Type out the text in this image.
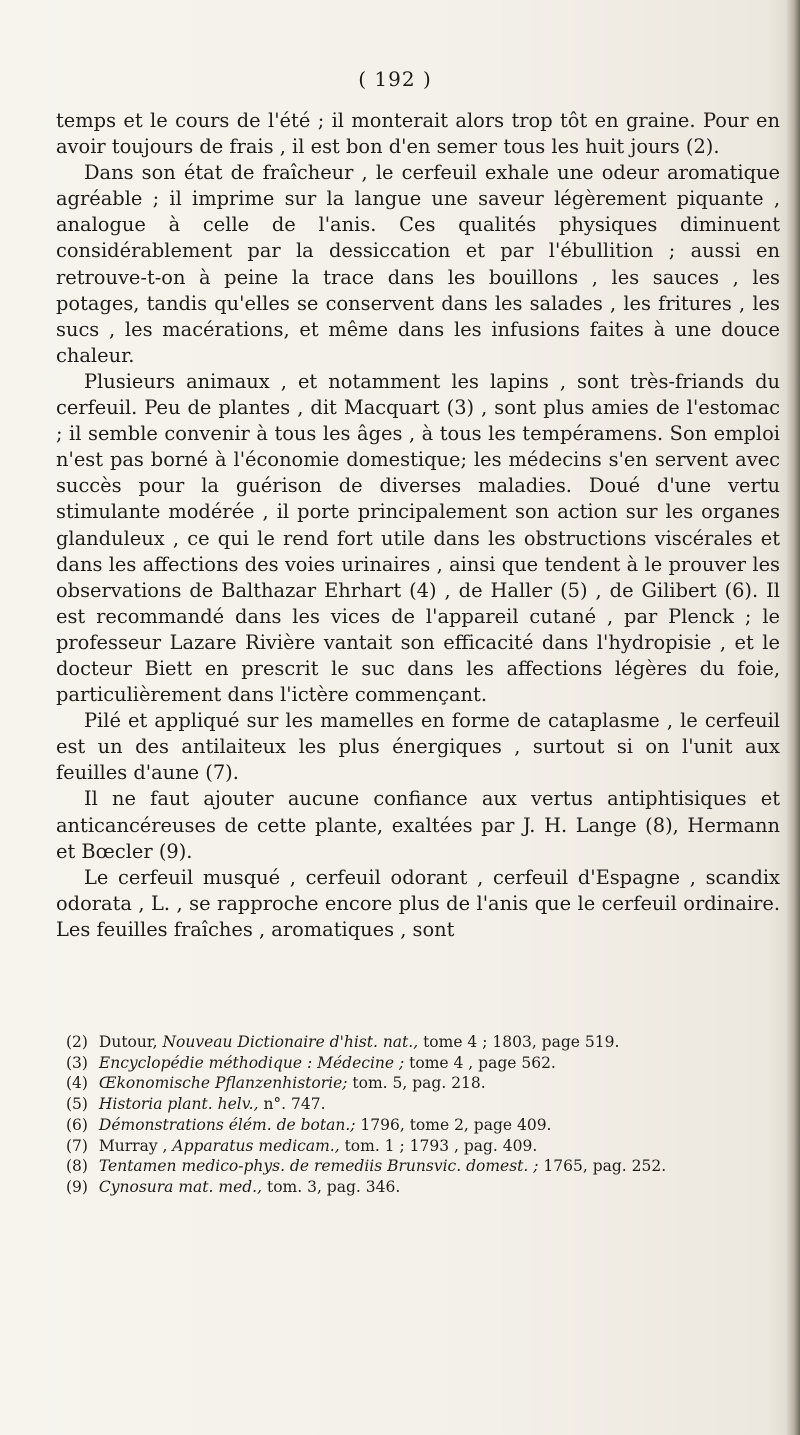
( 192 )

temps et le cours de l'été ; il monterait alors trop tôt en graine. Pour en avoir toujours de frais , il est bon d'en semer tous les huit jours (2).

Dans son état de fraîcheur , le cerfeuil exhale une odeur aromatique agréable ; il imprime sur la langue une saveur légèrement piquante , analogue à celle de l'anis. Ces qualités physiques diminuent considérablement par la dessiccation et par l'ébullition ; aussi en retrouve-t-on à peine la trace dans les bouillons , les sauces , les potages, tandis qu'elles se conservent dans les salades , les fritures , les sucs , les macérations, et même dans les infusions faites à une douce chaleur.

Plusieurs animaux , et notamment les lapins , sont très-friands du cerfeuil. Peu de plantes , dit Macquart (3) , sont plus amies de l'estomac ; il semble convenir à tous les âges , à tous les tempéramens. Son emploi n'est pas borné à l'économie domestique; les médecins s'en servent avec succès pour la guérison de diverses maladies. Doué d'une vertu stimulante modérée , il porte principalement son action sur les organes glanduleux , ce qui le rend fort utile dans les obstructions viscérales et dans les affections des voies urinaires , ainsi que tendent à le prouver les observations de Balthazar Ehrhart (4) , de Haller (5) , de Gilibert (6). Il est recommandé dans les vices de l'appareil cutané , par Plenck ; le professeur Lazare Rivière vantait son efficacité dans l'hydropisie , et le docteur Biett en prescrit le suc dans les affections légères du foie, particulièrement dans l'ictère commençant.

Pilé et appliqué sur les mamelles en forme de cataplasme , le cerfeuil est un des antilaiteux les plus énergiques , surtout si on l'unit aux feuilles d'aune (7).

Il ne faut ajouter aucune confiance aux vertus antiphtisiques et anticancéreuses de cette plante, exaltées par J. H. Lange (8), Hermann et Bœcler (9).

Le cerfeuil musqué , cerfeuil odorant , cerfeuil d'Espagne , scandix odorata , L. , se rapproche encore plus de l'anis que le cerfeuil ordinaire. Les feuilles fraîches , aromatiques , sont

(2) Dutour, Nouveau Dictionaire d'hist. nat., tome 4 ; 1803, page 519.

(3) Encyclopédie méthodique : Médecine ; tome 4 , page 562.

(4) Œkonomische Pflanzenhistorie; tom. 5, pag. 218.

(5) Historia plant. helv., n°. 747.

(6) Démonstrations élém. de botan.; 1796, tome 2, page 409.

(7) Murray , Apparatus medicam., tom. 1 ; 1793 , pag. 409.

(8) Tentamen medico-phys. de remediis Brunsvic. domest. ; 1765, pag. 252.

(9) Cynosura mat. med., tom. 3, pag. 346.
